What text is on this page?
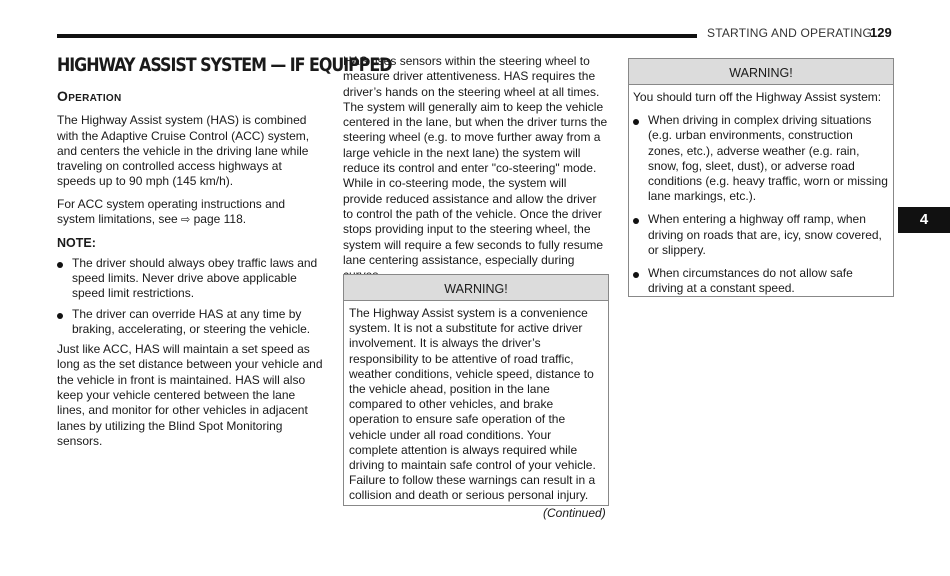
STARTING AND OPERATING
129
HIGHWAY ASSIST SYSTEM — IF EQUIPPED
Operation

The Highway Assist system (HAS) is combined with the Adaptive Cruise Control (ACC) system, and centers the vehicle in the driving lane while traveling on controlled access highways at speeds up to 90 mph (145 km/h).

For ACC system operating instructions and system limitations, see ⇨ page 118.

NOTE:
The driver should always obey traffic laws and speed limits. Never drive above applicable speed limit restrictions.
The driver can override HAS at any time by braking, accelerating, or steering the vehicle.

Just like ACC, HAS will maintain a set speed as long as the set distance between your vehicle and the vehicle in front is maintained. HAS will also keep your vehicle centered between the lane lines, and monitor for other vehicles in adjacent lanes by utilizing the Blind Spot Monitoring sensors.

HAS uses sensors within the steering wheel to measure driver attentiveness. HAS requires the driver’s hands on the steering wheel at all times. The system will generally aim to keep the vehicle centered in the lane, but when the driver turns the steering wheel (e.g. to move further away from a large vehicle in the next lane) the system will reduce its control and enter "co-steering" mode. While in co-steering mode, the system will provide reduced assistance and allow the driver to control the path of the vehicle. Once the driver stops providing input to the steering wheel, the system will require a few seconds to fully resume lane centering assistance, especially during

WARNING!
The Highway Assist system is a convenience system. It is not a substitute for active driver involvement. It is always the driver’s responsibility to be attentive of road traffic, weather conditions, vehicle speed, distance to the vehicle ahead, position in the lane compared to other vehicles, and brake operation to ensure safe operation of the vehicle under all road conditions. Your complete attention is always required while driving to maintain safe control of your vehicle. Failure to follow these warnings can result in a collision and death or serious personal injury.
(Continued)
WARNING!

You should turn off the Highway Assist system:

When driving in complex driving situations (e.g. urban environments, construction zones, etc.), adverse weather (e.g. rain, snow, fog, sleet, dust), or adverse road conditions (e.g. heavy traffic, worn or missing lane markings, etc.).
When entering a highway off ramp, when driving on roads that are, icy, snow covered, or slippery.
When circumstances do not allow safe driving at a constant speed.
4
